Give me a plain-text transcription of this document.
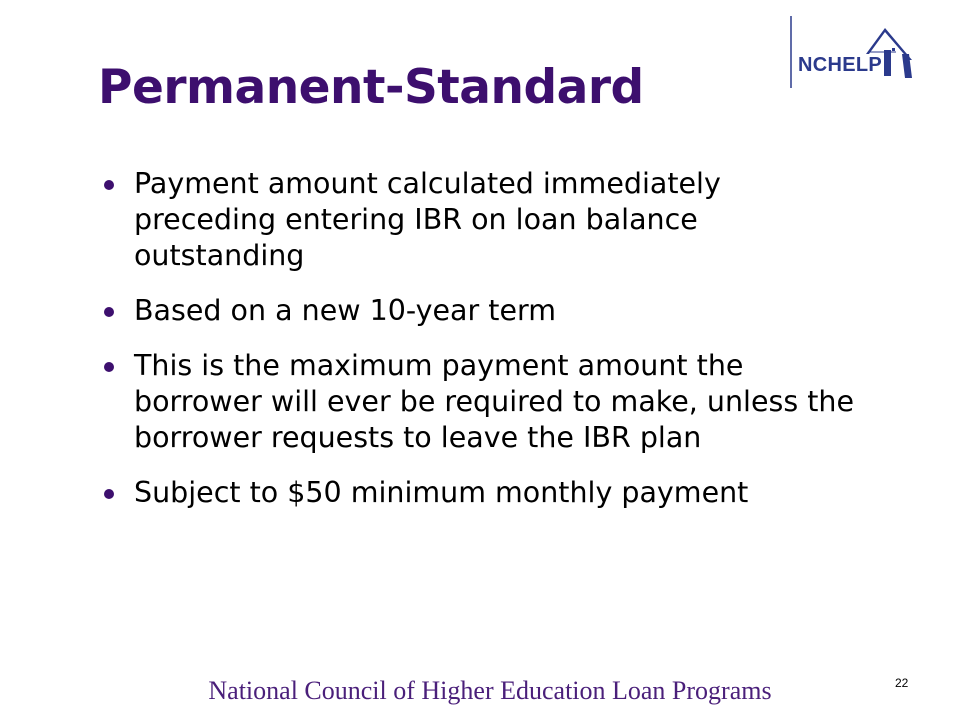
Permanent-Standard	NCHELP
Payment amount calculated immediately preceding entering IBR on loan balance outstanding
Based on a new 10-year term
This is the maximum payment amount the borrower will ever be required to make, unless the borrower requests to leave the IBR plan
Subject to $50 minimum monthly payment
National Council of Higher Education Loan Programs	22
